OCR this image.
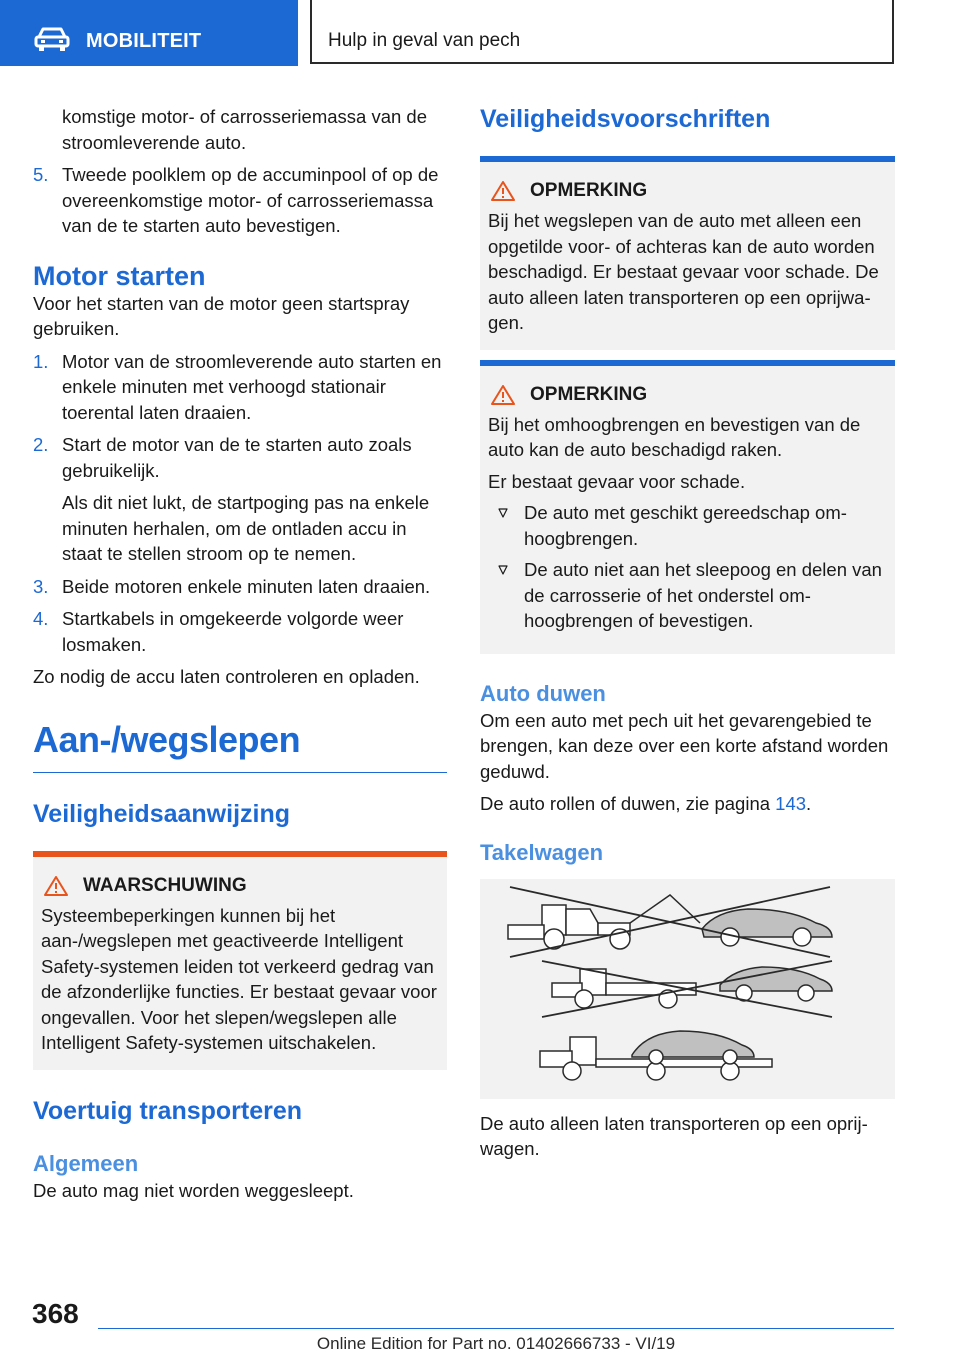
MOBILITEIT	Hulp in geval van pech

komstige motor- of carrosseriemassa van de stroomleverende auto.

5. Tweede poolklem op de accuminpool of op de overeenkomstige motor- of carrosseriemassa van de te starten auto bevestigen.
Motor starten

Voor het starten van de motor geen startspray gebruiken.

1. Motor van de stroomleverende auto starten en enkele minuten met verhoogd stationair toerental laten draaien.
2. Start de motor van de te starten auto zoals gebruikelijk.

Als dit niet lukt, de startpoging pas na enkele minuten herhalen, om de ontladen accu in staat te stellen stroom op te nemen.

3. Beide motoren enkele minuten laten draaien.
4. Startkabels in omgekeerde volgorde weer losmaken.

Zo nodig de accu laten controleren en opladen.

Aan-/wegslepen
Veiligheidsaanwijzing
WAARSCHUWING

Systeembeperkingen kunnen bij het aan-/wegslepen met geactiveerde Intelligent Safety-systemen leiden tot verkeerd gedrag van de afzonderlijke functies. Er bestaat gevaar voor ongevallen. Voor het slepen/wegslepen alle Intelligent Safety-systemen uitschakelen.

Voertuig transporteren
Algemeen

De auto mag niet worden weggesleept.

Veiligheidsvoorschriften
OPMERKING

Bij het wegslepen van de auto met alleen een opgetilde voor- of achteras kan de auto worden beschadigd. Er bestaat gevaar voor schade. De auto alleen laten transporteren op een oprijwagen.

OPMERKING

Bij het omhoogbrengen en bevestigen van de auto kan de auto beschadigd raken.

Er bestaat gevaar voor schade.

De auto met geschikt gereedschap omhoogbrengen.
De auto niet aan het sleepoog en delen van de carrosserie of het onderstel omhoogbrengen of bevestigen.
Auto duwen

Om een auto met pech uit het gevarengebied te brengen, kan deze over een korte afstand worden geduwd.

De auto rollen of duwen, zie pagina 143.

Takelwagen

De auto alleen laten transporteren op een oprijwagen.

368
Online Edition for Part no. 01402666733 - VI/19
